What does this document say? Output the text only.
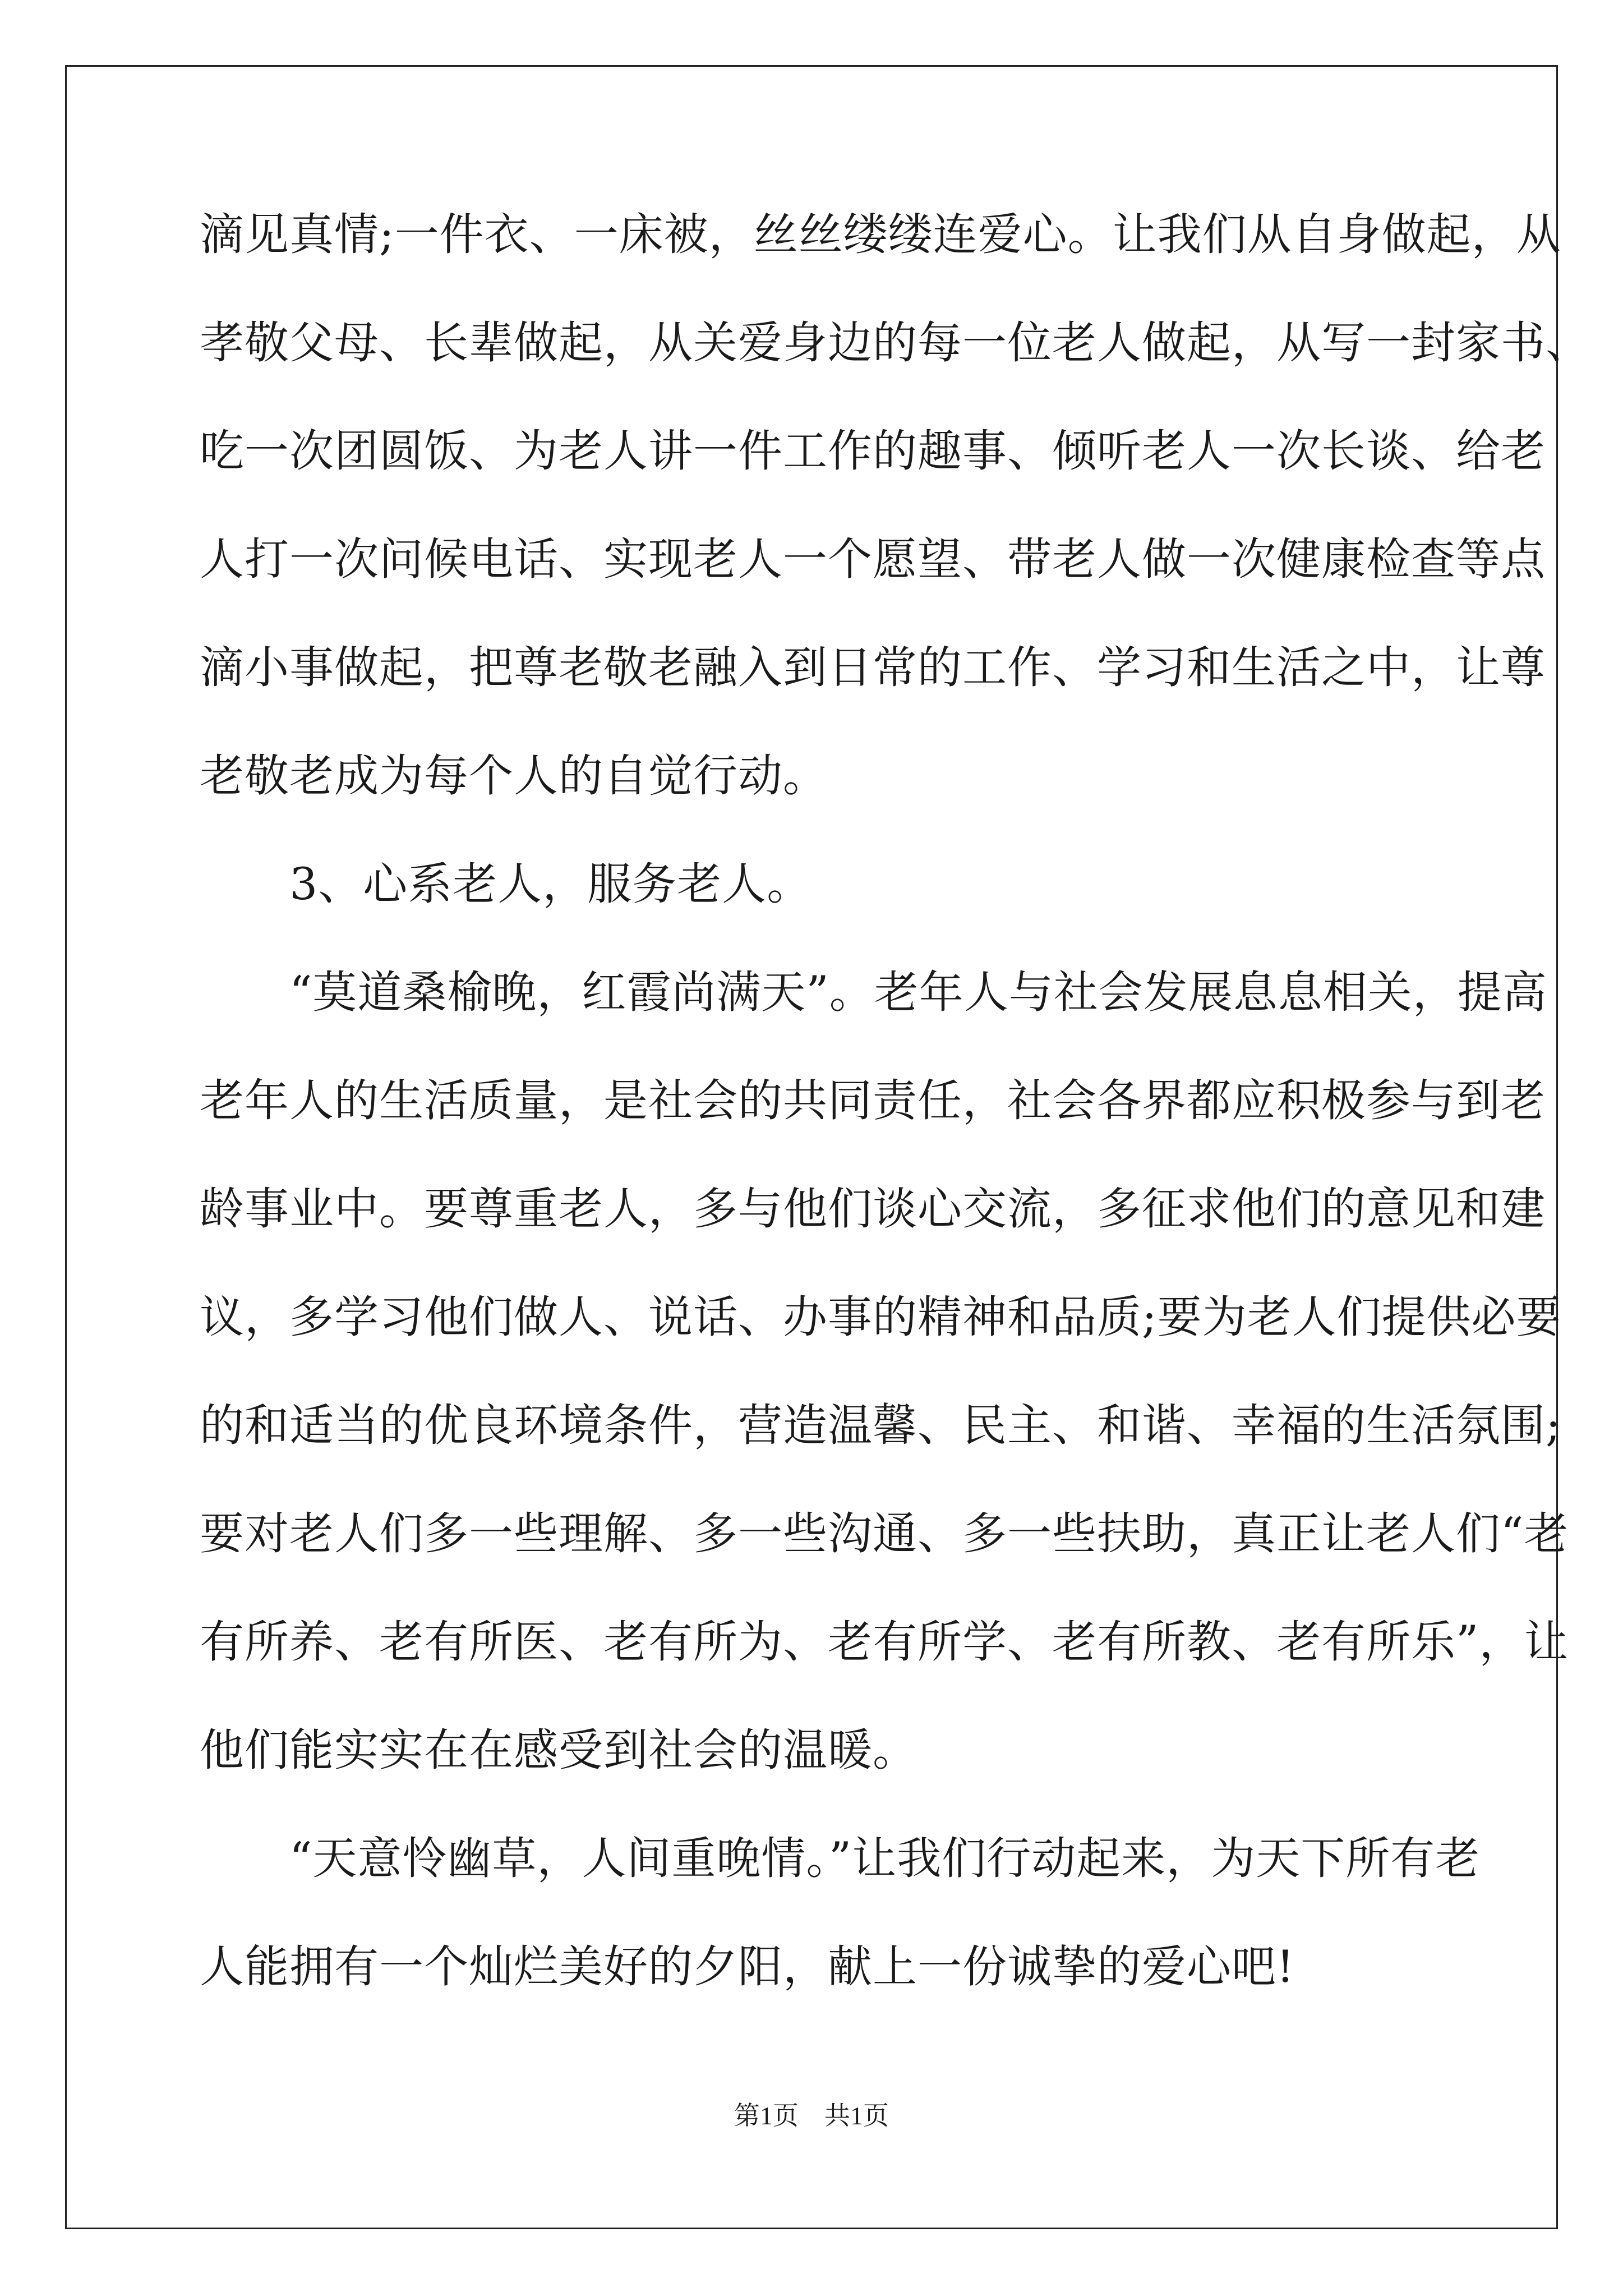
滴见真情;一件衣、一床被，丝丝缕缕连爱心。让我们从自身做起，从
孝敬父母、长辈做起，从关爱身边的每一位老人做起，从写一封家书、
吃一次团圆饭、为老人讲一件工作的趣事、倾听老人一次长谈、给老
人打一次问候电话、实现老人一个愿望、带老人做一次健康检查等点
滴小事做起，把尊老敬老融入到日常的工作、学习和生活之中，让尊
老敬老成为每个人的自觉行动。
　　3、心系老人，服务老人。
　　“莫道桑榆晚，红霞尚满天”。老年人与社会发展息息相关，提高
老年人的生活质量，是社会的共同责任，社会各界都应积极参与到老
龄事业中。要尊重老人，多与他们谈心交流，多征求他们的意见和建
议，多学习他们做人、说话、办事的精神和品质;要为老人们提供必要
的和适当的优良环境条件，营造温馨、民主、和谐、幸福的生活氛围;
要对老人们多一些理解、多一些沟通、多一些扶助，真正让老人们“老
有所养、老有所医、老有所为、老有所学、老有所教、老有所乐”，让
他们能实实在在感受到社会的温暖。
　　“天意怜幽草，人间重晚情。”让我们行动起来，为天下所有老
人能拥有一个灿烂美好的夕阳，献上一份诚挚的爱心吧!
第1页　共1页
